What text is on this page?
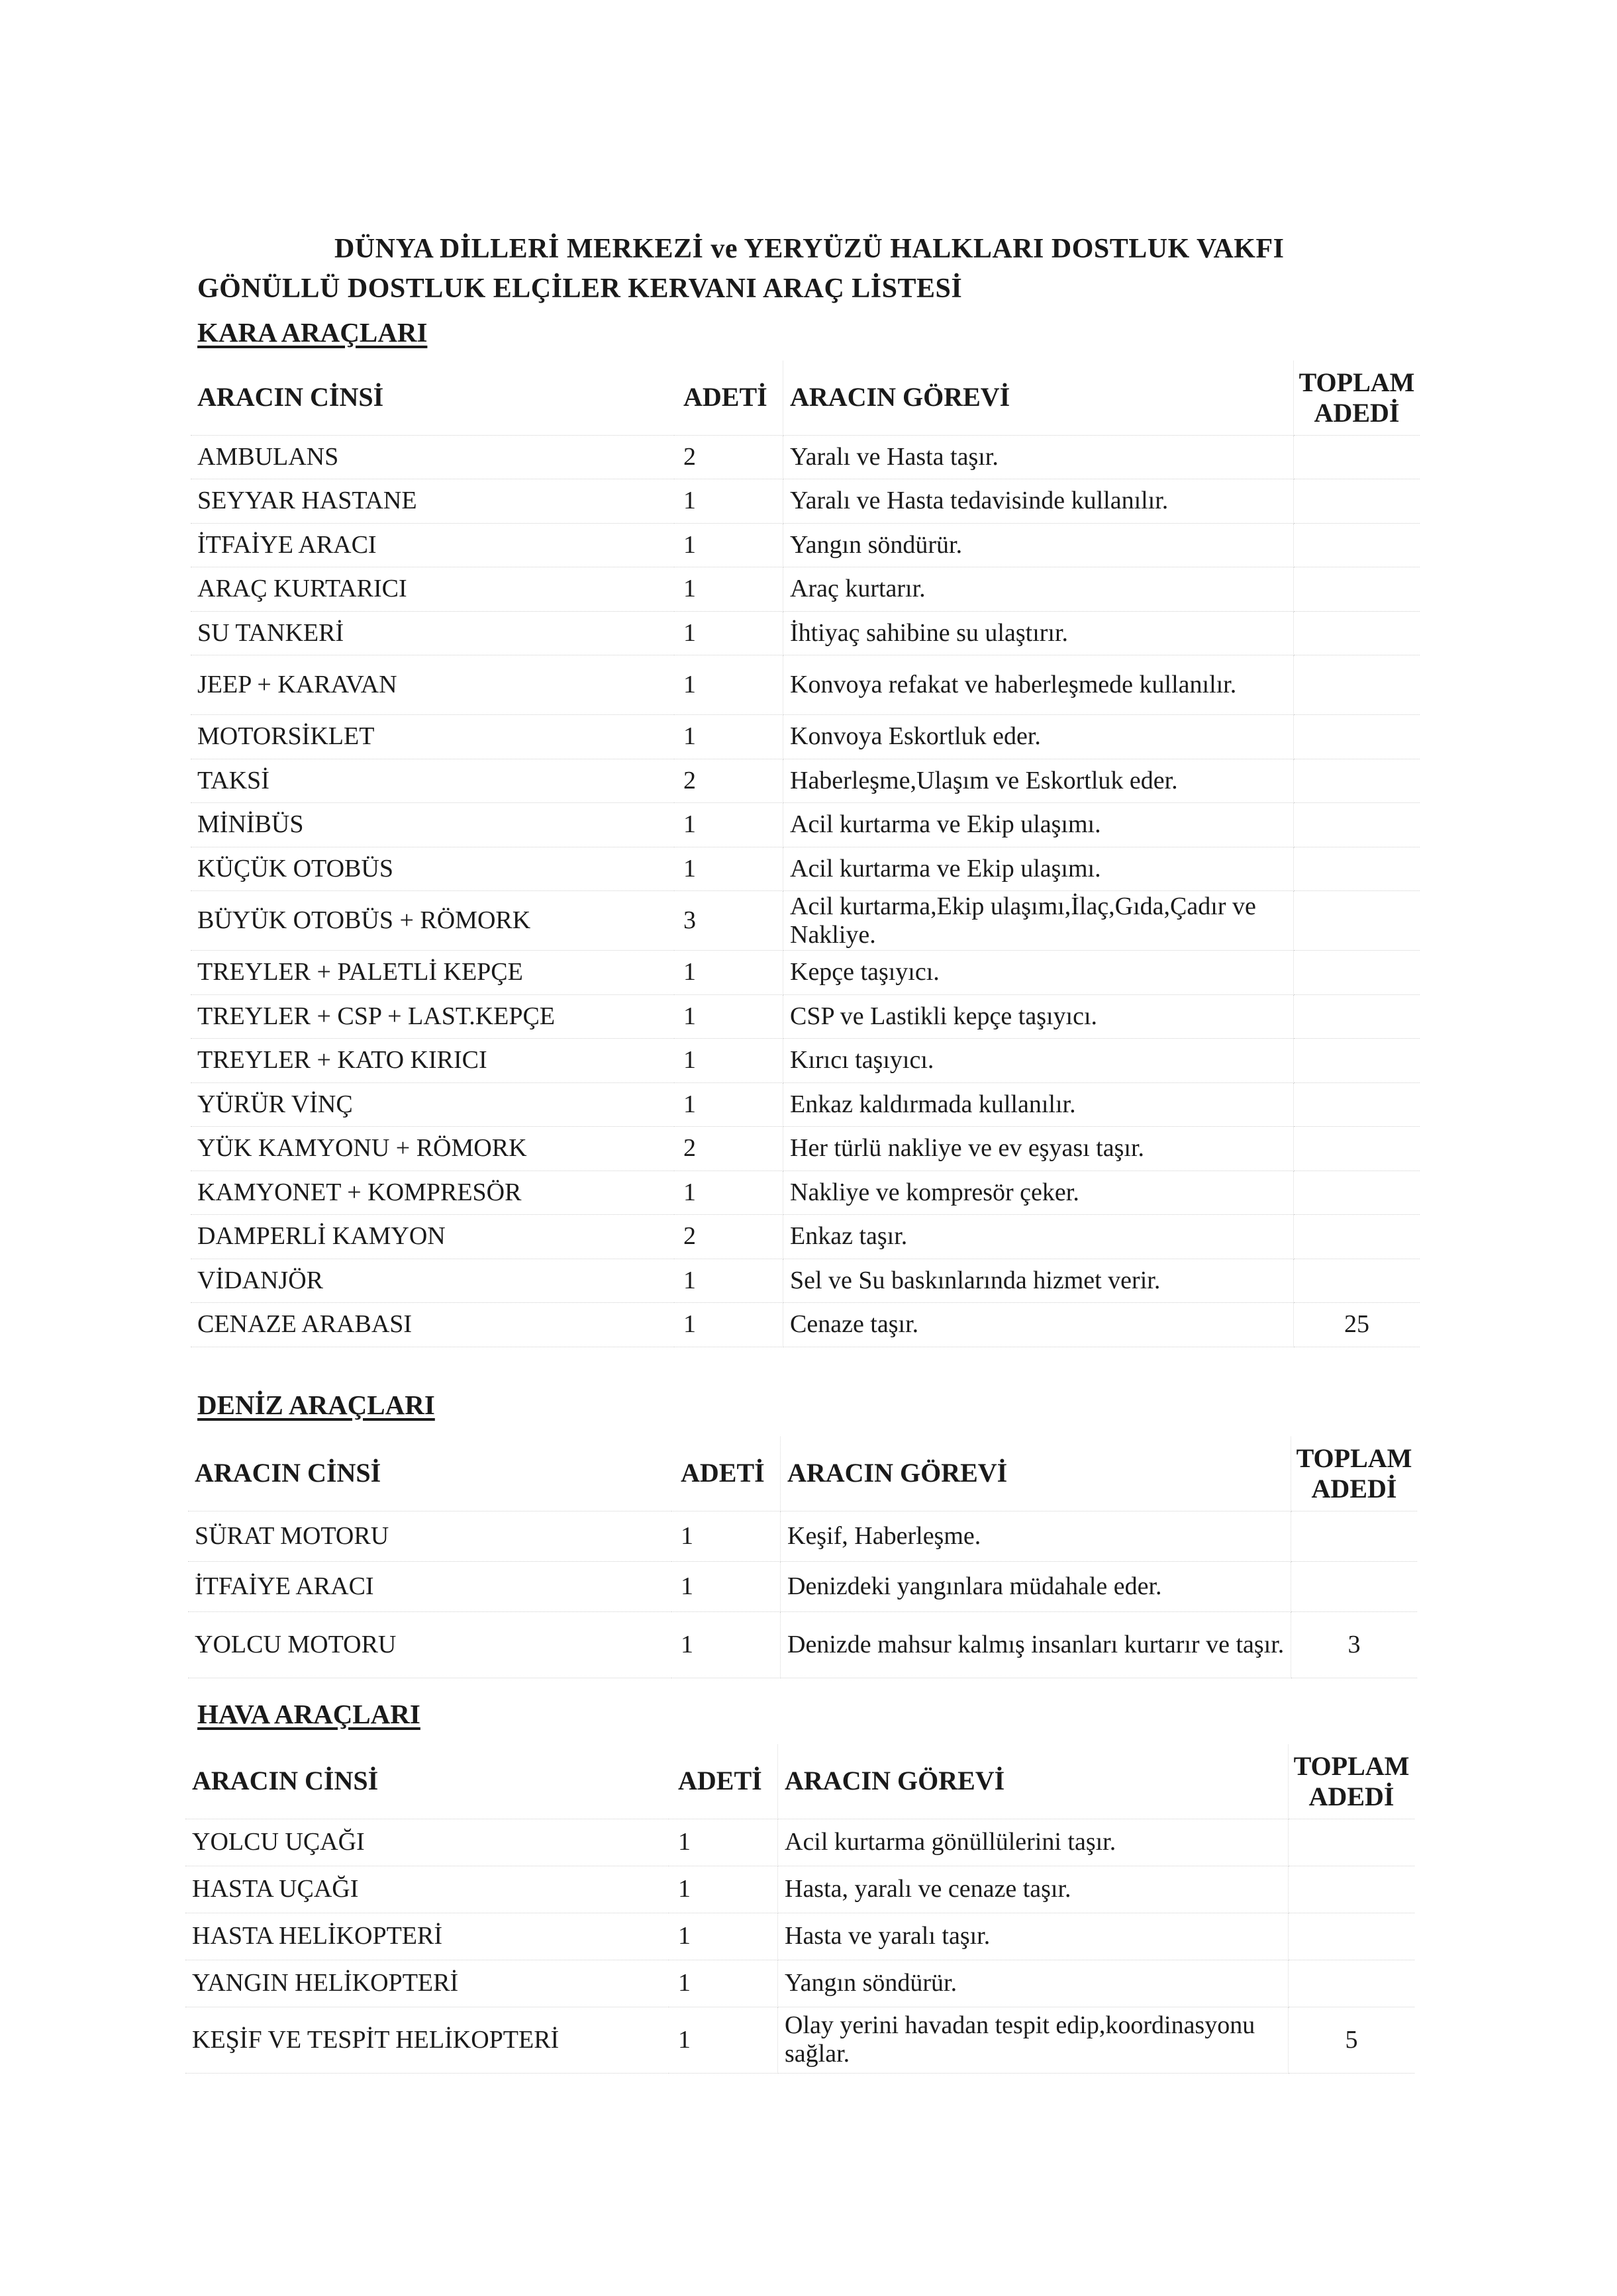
DÜNYA DİLLERİ MERKEZİ ve YERYÜZÜ HALKLARI DOSTLUK VAKFI
GÖNÜLLÜ DOSTLUK ELÇİLER KERVANI ARAÇ LİSTESİ
KARA ARAÇLARI
ARACIN CİNSİ	ADETİ	ARACIN GÖREVİ	TOPLAM
ADEDİ
AMBULANS	2	Yaralı ve Hasta taşır.	
SEYYAR HASTANE	1	Yaralı ve Hasta tedavisinde kullanılır.	
İTFAİYE ARACI	1	Yangın söndürür.	
ARAÇ KURTARICI	1	Araç kurtarır.	
SU TANKERİ	1	İhtiyaç sahibine su ulaştırır.	
JEEP + KARAVAN	1	Konvoya refakat ve haberleşmede kullanılır.	
MOTORSİKLET	1	Konvoya Eskortluk eder.	
TAKSİ	2	Haberleşme,Ulaşım ve Eskortluk eder.	
MİNİBÜS	1	Acil kurtarma ve Ekip ulaşımı.	
KÜÇÜK OTOBÜS	1	Acil kurtarma ve Ekip ulaşımı.	
BÜYÜK OTOBÜS + RÖMORK	3	Acil kurtarma,Ekip ulaşımı,İlaç,Gıda,Çadır ve Nakliye.	
TREYLER + PALETLİ KEPÇE	1	Kepçe taşıyıcı.	
TREYLER + CSP + LAST.KEPÇE	1	CSP ve Lastikli kepçe taşıyıcı.	
TREYLER + KATO KIRICI	1	Kırıcı taşıyıcı.	
YÜRÜR VİNÇ	1	Enkaz kaldırmada kullanılır.	
YÜK KAMYONU + RÖMORK	2	Her türlü nakliye ve ev eşyası taşır.	
KAMYONET + KOMPRESÖR	1	Nakliye ve kompresör çeker.	
DAMPERLİ KAMYON	2	Enkaz taşır.	
VİDANJÖR	1	Sel ve Su baskınlarında hizmet verir.	
CENAZE ARABASI	1	Cenaze taşır.	25
DENİZ ARAÇLARI
ARACIN CİNSİ	ADETİ	ARACIN GÖREVİ	TOPLAM
ADEDİ
SÜRAT MOTORU	1	Keşif, Haberleşme.	
İTFAİYE ARACI	1	Denizdeki yangınlara müdahale eder.	
YOLCU MOTORU	1	Denizde mahsur kalmış insanları kurtarır ve taşır.	3
HAVA ARAÇLARI
ARACIN CİNSİ	ADETİ	ARACIN GÖREVİ	TOPLAM
ADEDİ
YOLCU UÇAĞI	1	Acil kurtarma gönüllülerini taşır.	
HASTA UÇAĞI	1	Hasta, yaralı ve cenaze taşır.	
HASTA HELİKOPTERİ	1	Hasta ve yaralı taşır.	
YANGIN HELİKOPTERİ	1	Yangın söndürür.	
KEŞİF VE TESPİT HELİKOPTERİ	1	Olay yerini havadan tespit edip,koordinasyonu sağlar.	5
